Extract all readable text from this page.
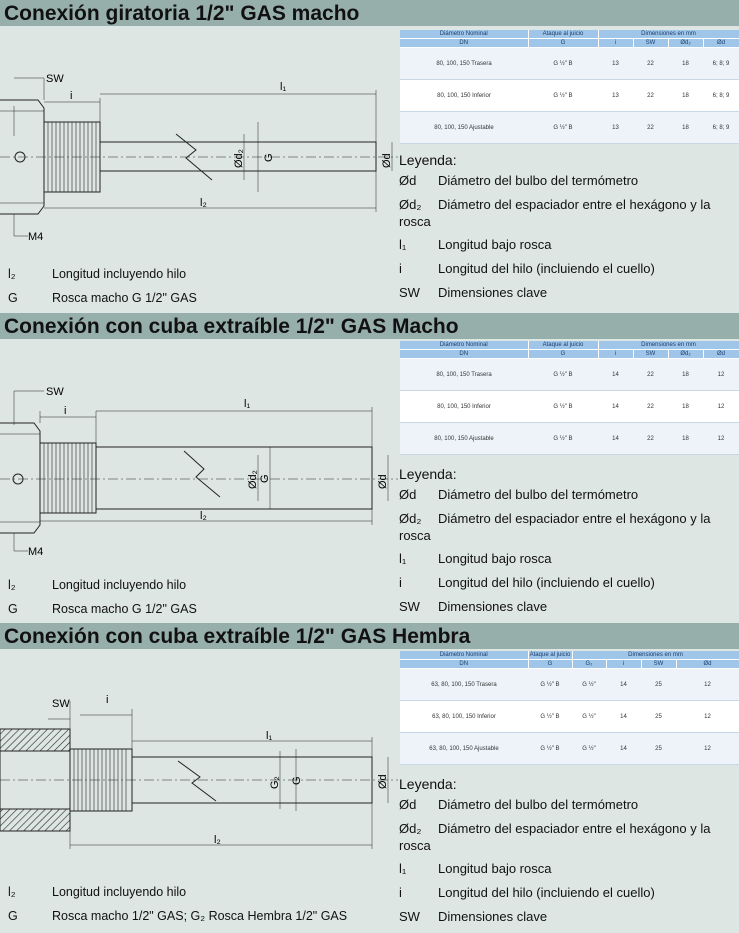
Conexión giratoria 1/2" GAS macho
SW
i
l₁
l₂
M4
Ød₂ G	Ød
l₂	Longitud incluyendo hilo
G	Rosca macho G 1/2" GAS
Diámetro Nominal	Ataque al juicio	Dimensiones en mm			
DN	G	i	SW	Ød₂	Ød
80, 100, 150 Trasera	G ½" B	13	22	18	6; 8; 9
80, 100, 150 Inferior	G ½" B	13	22	18	6; 8; 9
80, 100, 150 Ajustable	G ½" B	13	22	18	6; 8; 9
Leyenda:
Ød	Diámetro del bulbo del termómetro
Ød₂ Diámetro del espaciador entre el hexágono y la rosca
l₁	Longitud bajo rosca
i	Longitud del hilo (incluiendo el cuello)
SW	Dimensiones clave
Conexión con cuba extraíble 1/2" GAS Macho
SW
i
l₁
l₂
M4
Ød₂ G	Ød
l₂	Longitud incluyendo hilo
G	Rosca macho G 1/2" GAS
Diámetro Nominal	Ataque al juicio	Dimensiones en mm			
DN	G	i	SW	Ød₂	Ød
80, 100, 150 Trasera	G ½" B	14	22	18	12
80, 100, 150 Inferior	G ½" B	14	22	18	12
80, 100, 150 Ajustable	G ½" B	14	22	18	12
Leyenda:
Ød	Diámetro del bulbo del termómetro
Ød₂ Diámetro del espaciador entre el hexágono y la rosca
l₁	Longitud bajo rosca
i	Longitud del hilo (incluiendo el cuello)
SW	Dimensiones clave
Conexión con cuba extraíble 1/2" GAS Hembra
SW	i
l₁
l₂
G₂ G	Ød
l₂	Longitud incluyendo hilo
G	Rosca macho 1/2" GAS; G₂ Rosca Hembra 1/2" GAS
Diámetro Nominal	Ataque al juicio	Dimensiones en mm			
DN	G	G₂	i	SW	Ød
63, 80, 100, 150 Trasera	G ½" B	G ½"	14	25	12
63, 80, 100, 150 Inferior	G ½" B	G ½"	14	25	12
63, 80, 100, 150 Ajustable	G ½" B	G ½"	14	25	12
Leyenda:
Ød	Diámetro del bulbo del termómetro
Ød₂ Diámetro del espaciador entre el hexágono y la rosca
l₁	Longitud bajo rosca
i	Longitud del hilo (incluiendo el cuello)
SW	Dimensiones clave
